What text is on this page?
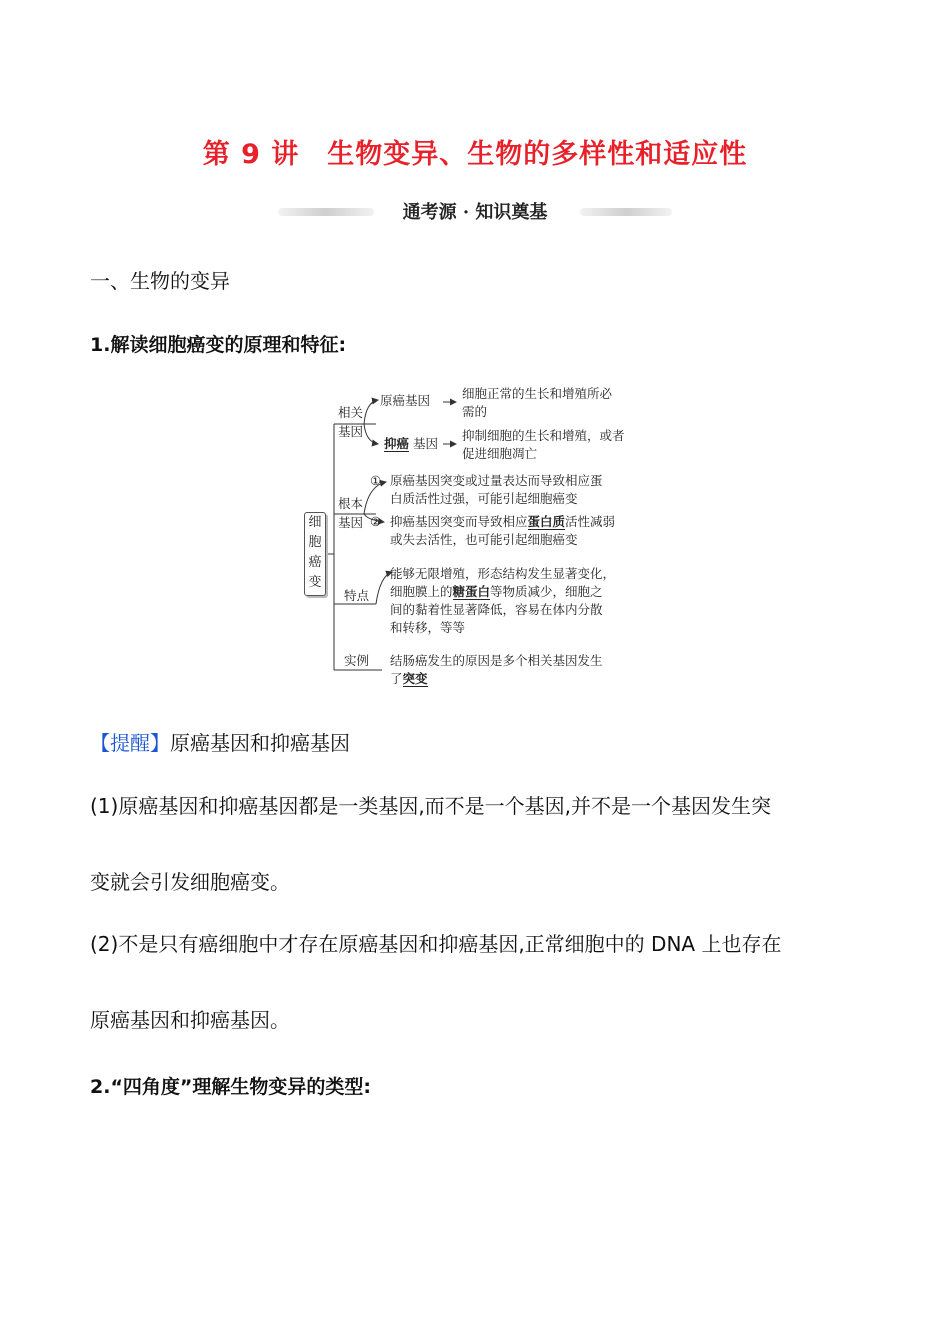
第 9 讲　生物变异、生物的多样性和适应性
通考源 · 知识奠基
一、生物的变异
1.解读细胞癌变的原理和特征:
细
胞
癌
变
相关
基因
原癌基因	细胞正常的生长和增殖所必
需的
抑癌 基因
抑制细胞的生长和增殖，或者
促进细胞凋亡
根本
基因
① 原癌基因突变或过量表达而导致相应蛋
白质活性过强，可能引起细胞癌变
② 抑癌基因突变而导致相应蛋白质活性减弱
或失去活性，也可能引起细胞癌变
特点
能够无限增殖，形态结构发生显著变化，
细胞膜上的糖蛋白等物质减少，细胞之
间的黏着性显著降低，容易在体内分散
和转移，等等
实例 结肠癌发生的原因是多个相关基因发生
了突变
【提醒】原癌基因和抑癌基因
(1)原癌基因和抑癌基因都是一类基因,而不是一个基因,并不是一个基因发生突
变就会引发细胞癌变。
(2)不是只有癌细胞中才存在原癌基因和抑癌基因,正常细胞中的 DNA 上也存在
原癌基因和抑癌基因。
2.“四角度”理解生物变异的类型:
